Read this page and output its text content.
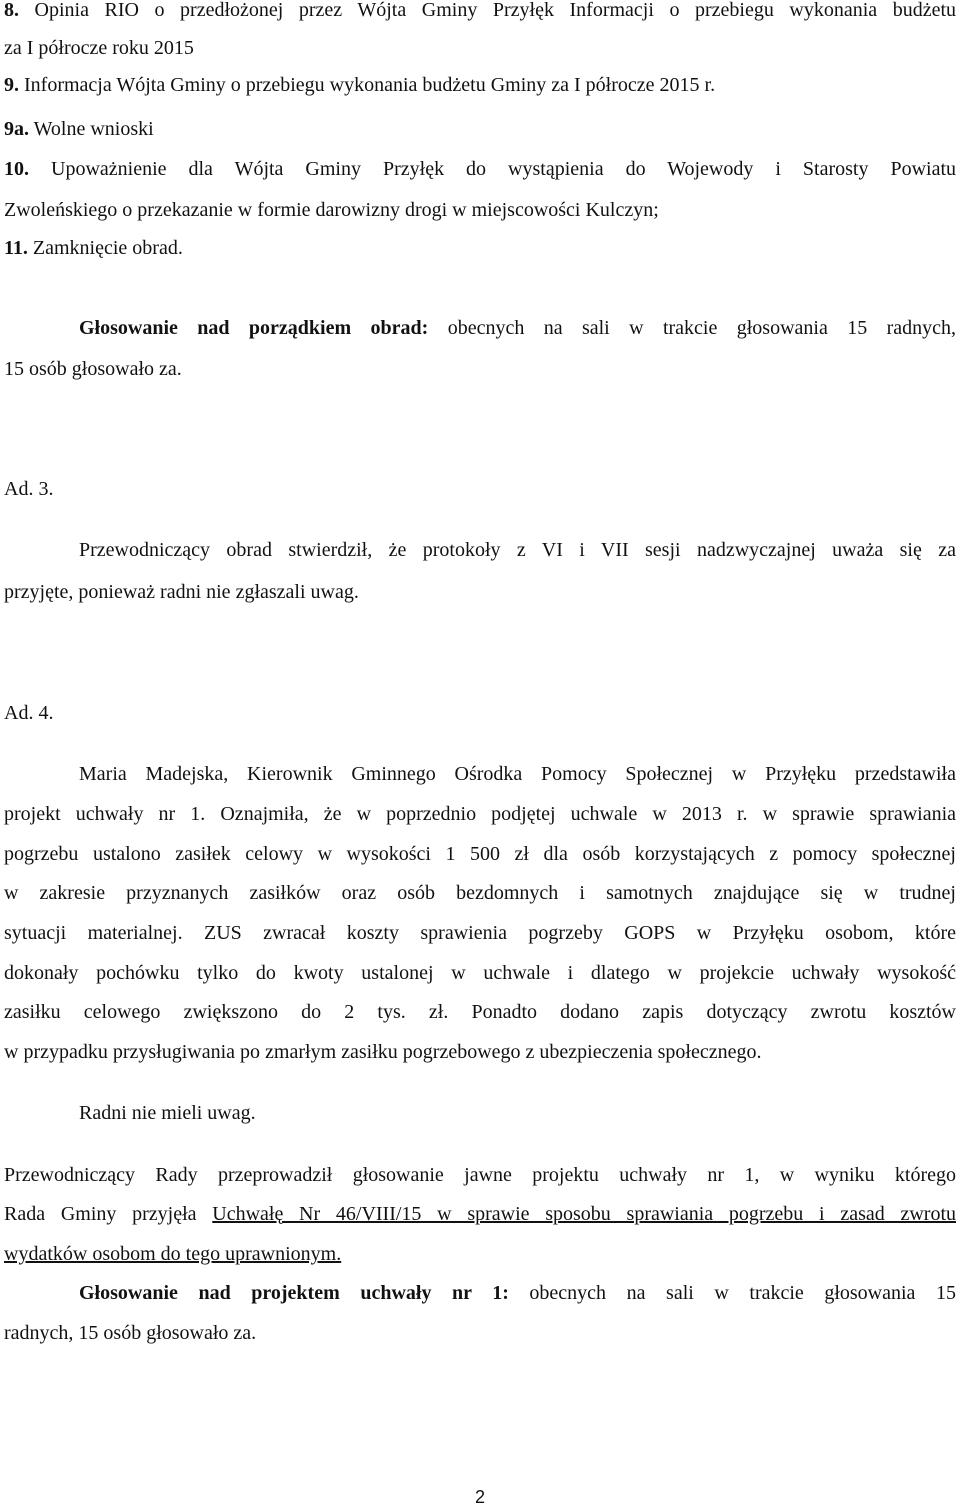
8. Opinia RIO o przedłożonej przez Wójta Gminy Przyłęk Informacji o przebiegu wykonania budżetu
za I półrocze roku 2015
9. Informacja Wójta Gminy o przebiegu wykonania budżetu Gminy za I półrocze 2015 r.
9a. Wolne wnioski
10. Upoważnienie dla Wójta Gminy Przyłęk do wystąpienia do Wojewody i Starosty Powiatu
Zwoleńskiego o przekazanie w formie darowizny drogi w miejscowości Kulczyn;
11. Zamknięcie obrad.
Głosowanie nad porządkiem obrad: obecnych na sali w trakcie głosowania 15 radnych,
15 osób głosowało za.
Ad. 3.
Przewodniczący obrad stwierdził, że protokoły z VI i VII sesji nadzwyczajnej uważa się za
przyjęte, ponieważ radni nie zgłaszali uwag.
Ad. 4.
Maria Madejska, Kierownik Gminnego Ośrodka Pomocy Społecznej w Przyłęku przedstawiła
projekt uchwały nr 1. Oznajmiła, że w poprzednio podjętej uchwale w 2013 r. w sprawie sprawiania
pogrzebu ustalono zasiłek celowy w wysokości 1 500 zł dla osób korzystających z pomocy społecznej
w zakresie przyznanych zasiłków oraz osób bezdomnych i samotnych znajdujące się w trudnej
sytuacji materialnej. ZUS zwracał koszty sprawienia pogrzeby GOPS w Przyłęku osobom, które
dokonały pochówku tylko do kwoty ustalonej w uchwale i dlatego w projekcie uchwały wysokość
zasiłku celowego zwiększono do 2 tys. zł. Ponadto dodano zapis dotyczący zwrotu kosztów
w przypadku przysługiwania po zmarłym zasiłku pogrzebowego z ubezpieczenia społecznego.
Radni nie mieli uwag.
Przewodniczący Rady przeprowadził głosowanie jawne projektu uchwały nr 1, w wyniku którego
Rada Gminy przyjęła Uchwałę Nr 46/VIII/15 w sprawie sposobu sprawiania pogrzebu i zasad zwrotu
wydatków osobom do tego uprawnionym.
Głosowanie nad projektem uchwały nr 1: obecnych na sali w trakcie głosowania 15
radnych, 15 osób głosowało za.
2
